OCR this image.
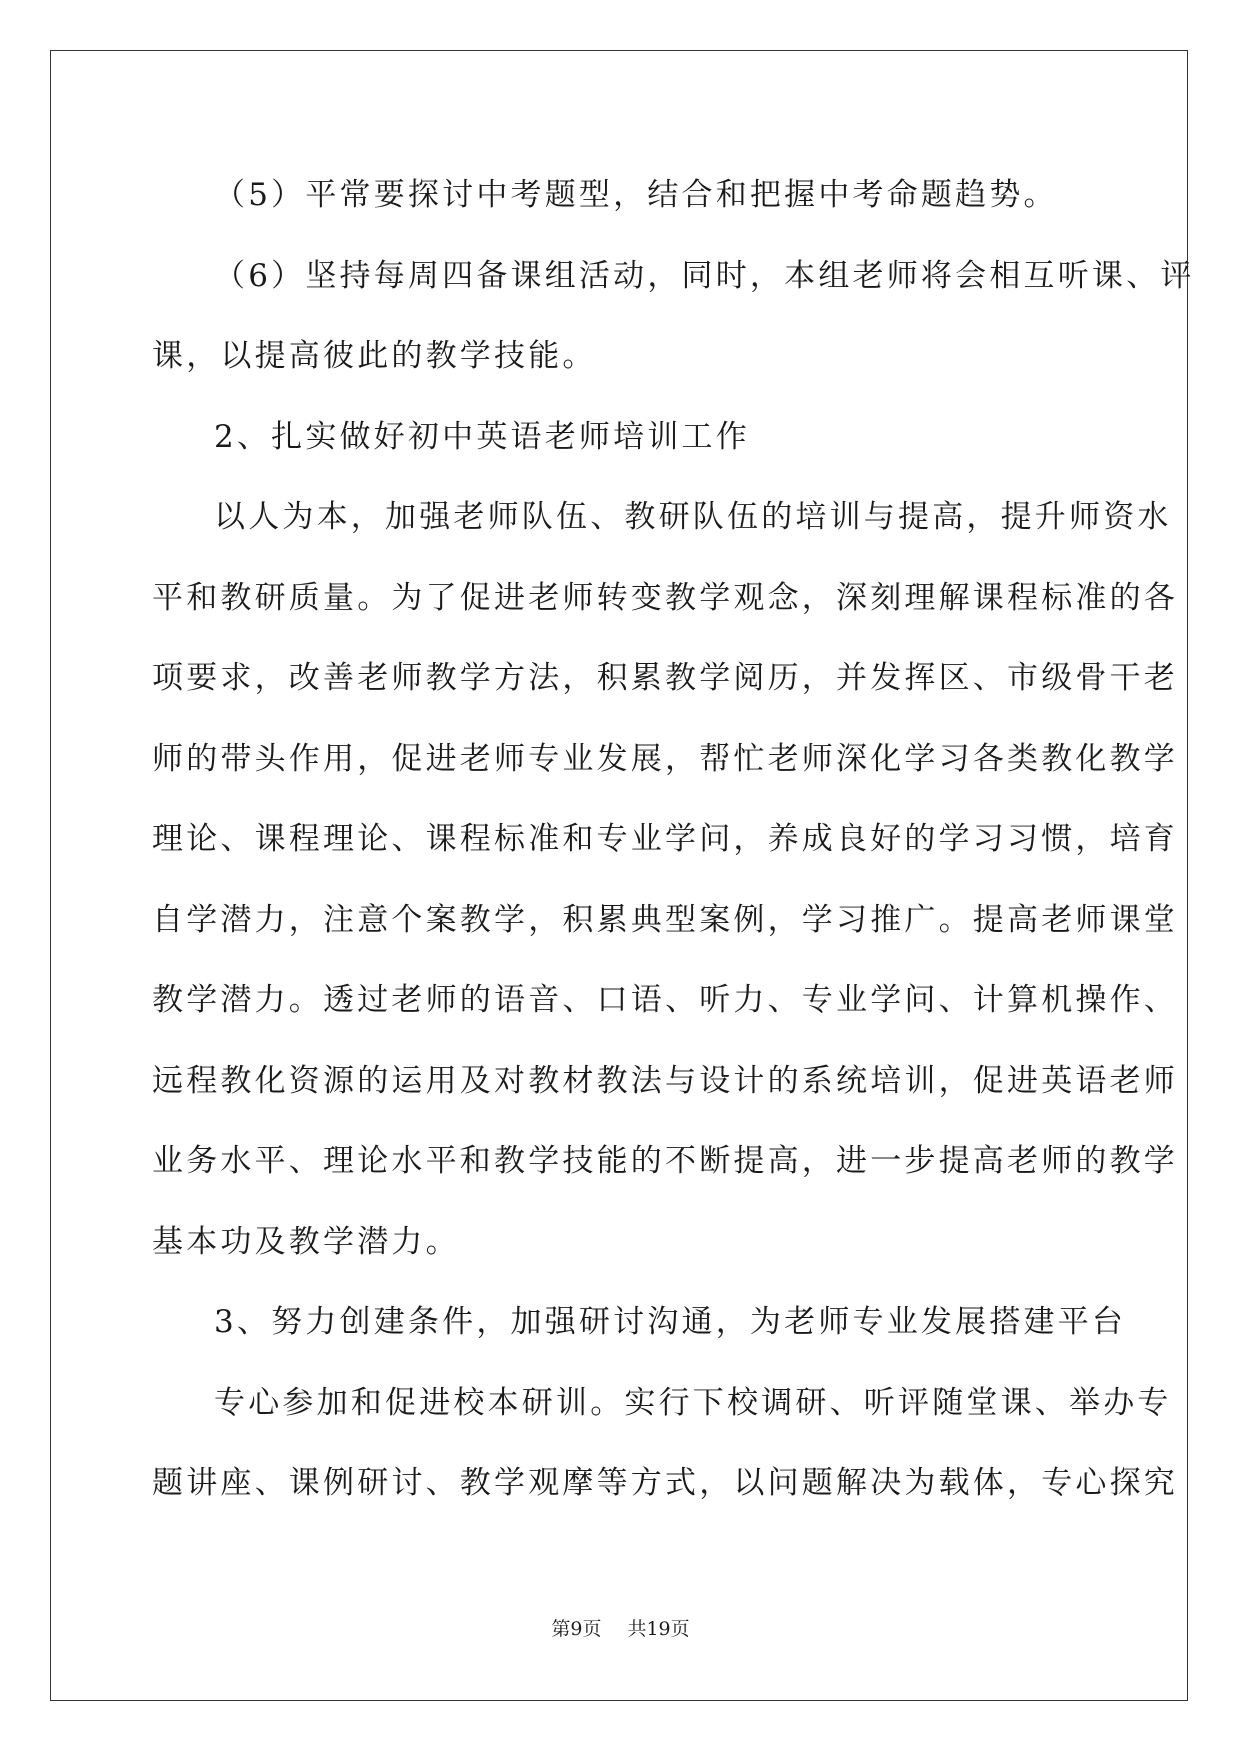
（5）平常要探讨中考题型，结合和把握中考命题趋势。
（6）坚持每周四备课组活动，同时，本组老师将会相互听课、评
课，以提高彼此的教学技能。
2、扎实做好初中英语老师培训工作
以人为本，加强老师队伍、教研队伍的培训与提高，提升师资水
平和教研质量。为了促进老师转变教学观念，深刻理解课程标准的各
项要求，改善老师教学方法，积累教学阅历，并发挥区、市级骨干老
师的带头作用，促进老师专业发展，帮忙老师深化学习各类教化教学
理论、课程理论、课程标准和专业学问，养成良好的学习习惯，培育
自学潜力，注意个案教学，积累典型案例，学习推广。提高老师课堂
教学潜力。透过老师的语音、口语、听力、专业学问、计算机操作、
远程教化资源的运用及对教材教法与设计的系统培训，促进英语老师
业务水平、理论水平和教学技能的不断提高，进一步提高老师的教学
基本功及教学潜力。
3、努力创建条件，加强研讨沟通，为老师专业发展搭建平台
专心参加和促进校本研训。实行下校调研、听评随堂课、举办专
题讲座、课例研讨、教学观摩等方式，以问题解决为载体，专心探究
第9页 共19页
